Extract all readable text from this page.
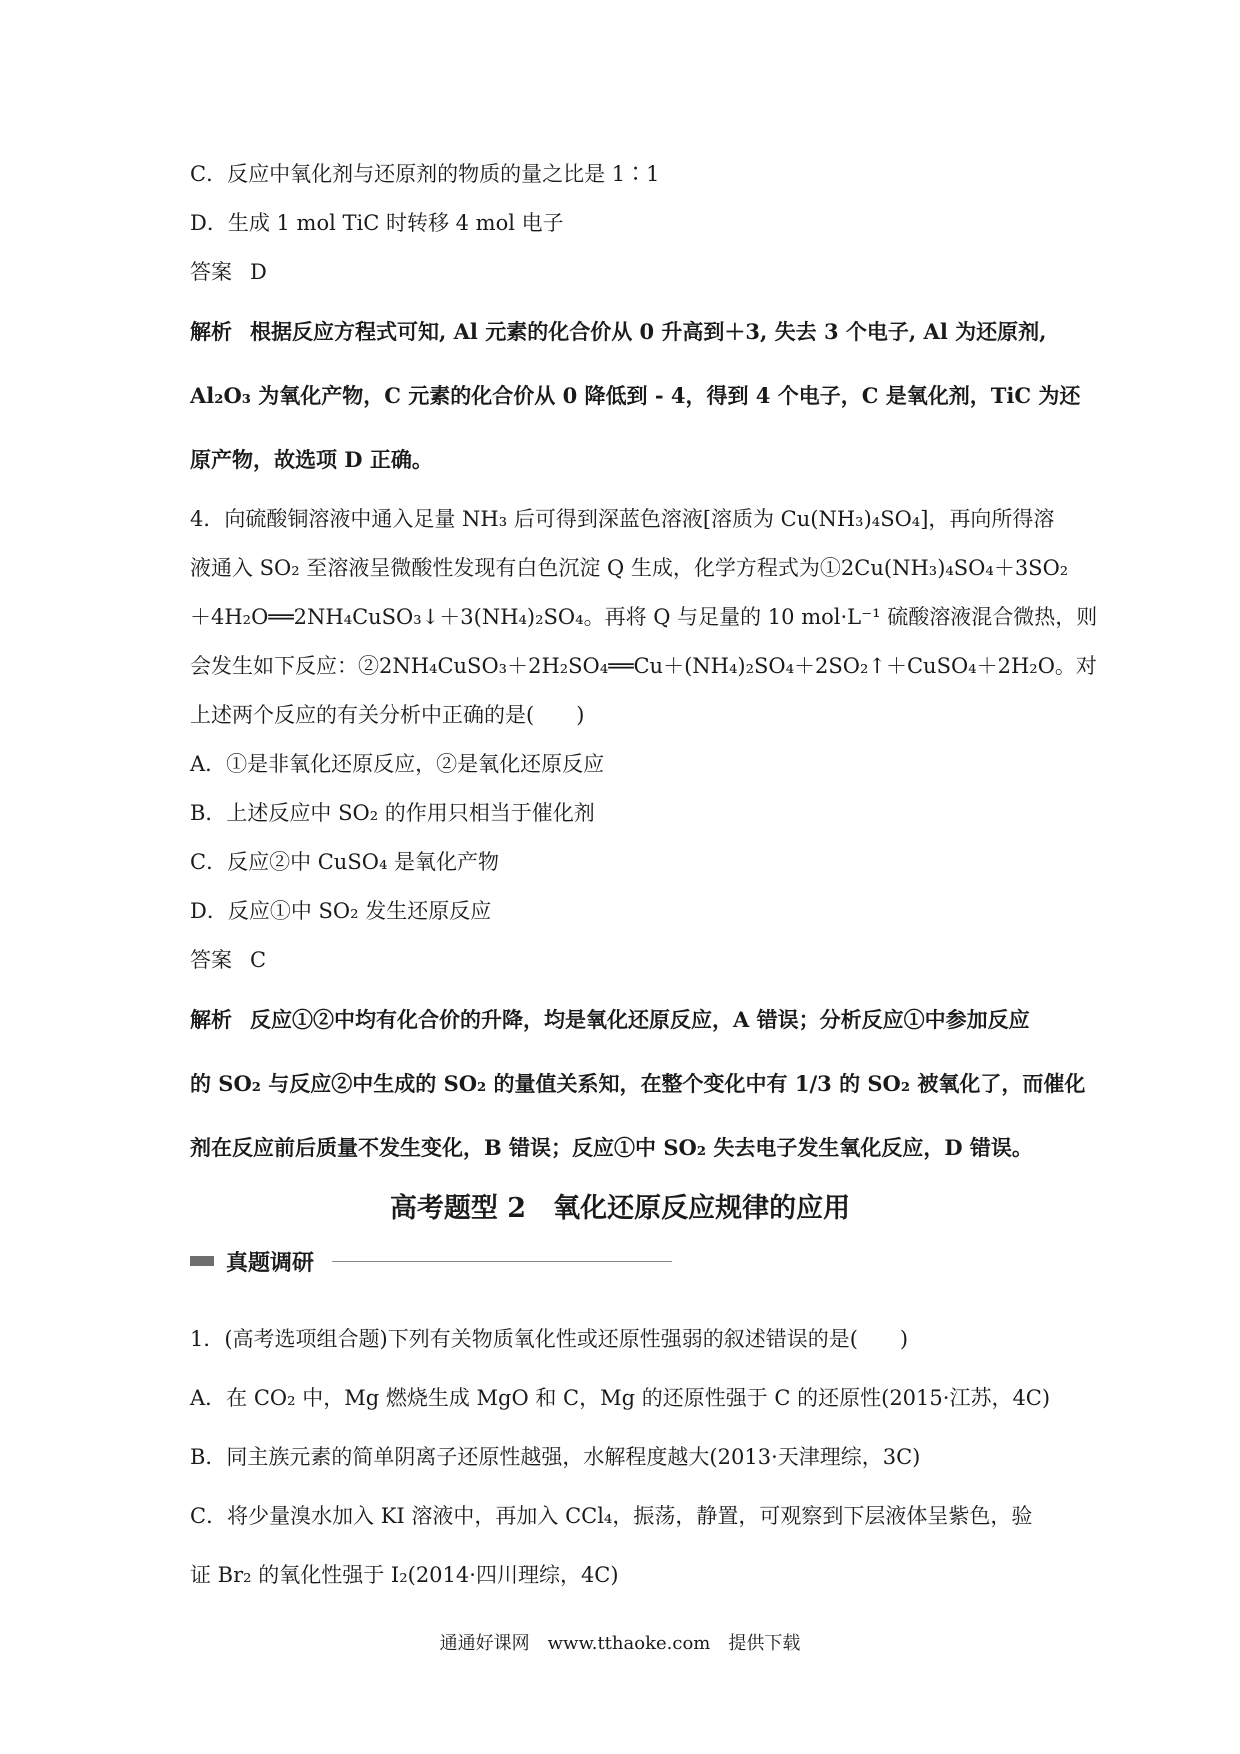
C．反应中氧化剂与还原剂的物质的量之比是 1∶1
D．生成 1 mol TiC 时转移 4 mol 电子
答案 D
解析 根据反应方程式可知, Al 元素的化合价从 0 升高到＋3, 失去 3 个电子, Al 为还原剂,
Al₂O₃ 为氧化产物，C 元素的化合价从 0 降低到 - 4，得到 4 个电子，C 是氧化剂，TiC 为还
原产物，故选项 D 正确。
4．向硫酸铜溶液中通入足量 NH₃ 后可得到深蓝色溶液[溶质为 Cu(NH₃)₄SO₄]，再向所得溶
液通入 SO₂ 至溶液呈微酸性发现有白色沉淀 Q 生成，化学方程式为①2Cu(NH₃)₄SO₄＋3SO₂
＋4H₂O══2NH₄CuSO₃↓＋3(NH₄)₂SO₄。再将 Q 与足量的 10 mol·L⁻¹ 硫酸溶液混合微热，则
会发生如下反应：②2NH₄CuSO₃＋2H₂SO₄══Cu＋(NH₄)₂SO₄＋2SO₂↑＋CuSO₄＋2H₂O。对
上述两个反应的有关分析中正确的是(　　)
A．①是非氧化还原反应，②是氧化还原反应
B．上述反应中 SO₂ 的作用只相当于催化剂
C．反应②中 CuSO₄ 是氧化产物
D．反应①中 SO₂ 发生还原反应
答案 C
解析 反应①②中均有化合价的升降，均是氧化还原反应，A 错误；分析反应①中参加反应
的 SO₂ 与反应②中生成的 SO₂ 的量值关系知，在整个变化中有 1/3 的 SO₂ 被氧化了，而催化
剂在反应前后质量不发生变化，B 错误；反应①中 SO₂ 失去电子发生氧化反应，D 错误。
高考题型 2　氧化还原反应规律的应用
真题调研
1．(高考选项组合题)下列有关物质氧化性或还原性强弱的叙述错误的是(　　)
A．在 CO₂ 中，Mg 燃烧生成 MgO 和 C，Mg 的还原性强于 C 的还原性(2015·江苏，4C)
B．同主族元素的简单阴离子还原性越强，水解程度越大(2013·天津理综，3C)
C．将少量溴水加入 KI 溶液中，再加入 CCl₄，振荡，静置，可观察到下层液体呈紫色，验
证 Br₂ 的氧化性强于 I₂(2014·四川理综，4C)
通通好课网　www.tthaoke.com　提供下载
